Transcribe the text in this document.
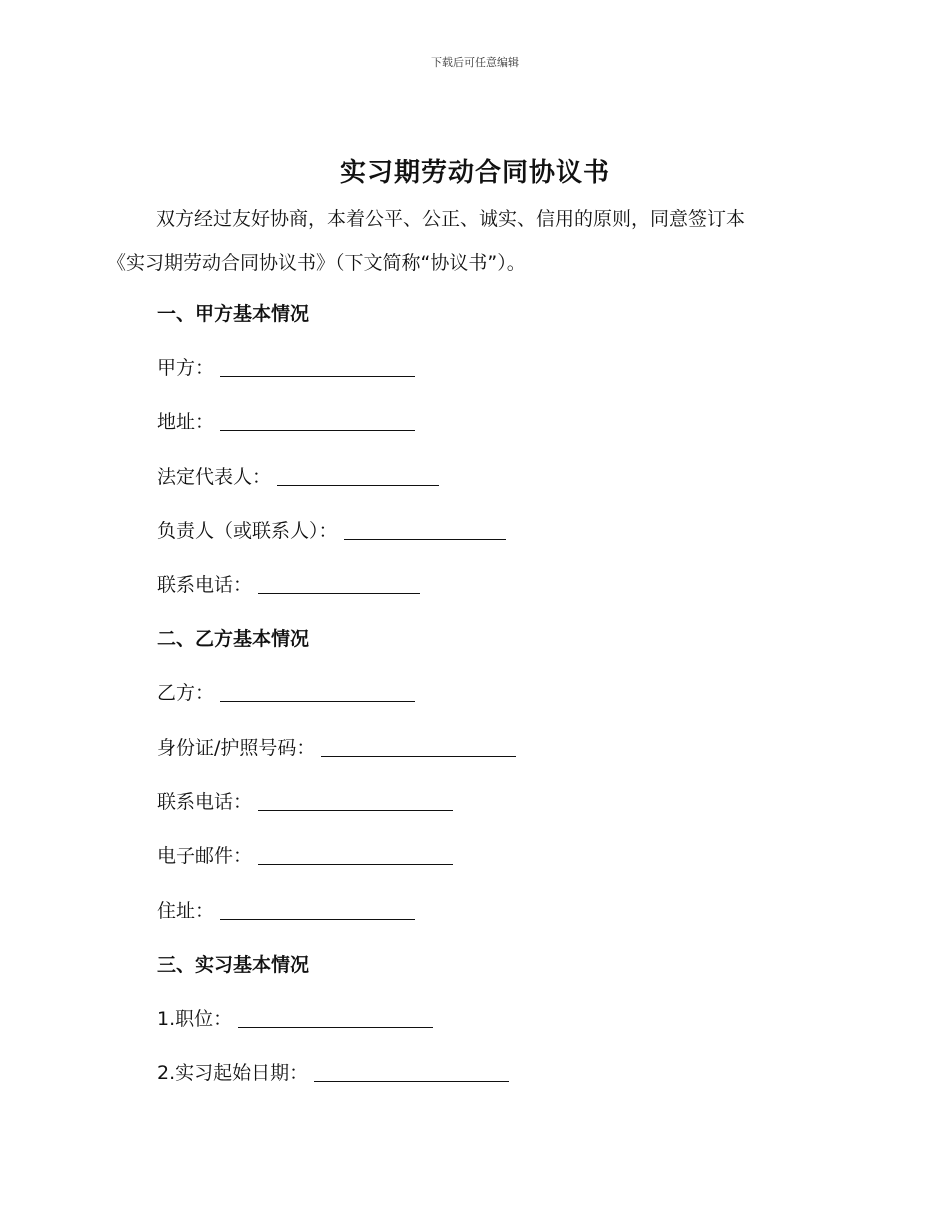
下载后可任意编辑
实习期劳动合同协议书

双方经过友好协商，本着公平、公正、诚实、信用的原则，同意签订本

《实习期劳动合同协议书》（下文简称“协议书”）。

一、甲方基本情况
甲方：
地址：
法定代表人：
负责人（或联系人）：
联系电话：
二、乙方基本情况
乙方：
身份证/护照号码：
联系电话：
电子邮件：
住址：
三、实习基本情况
1.职位：
2.实习起始日期：
